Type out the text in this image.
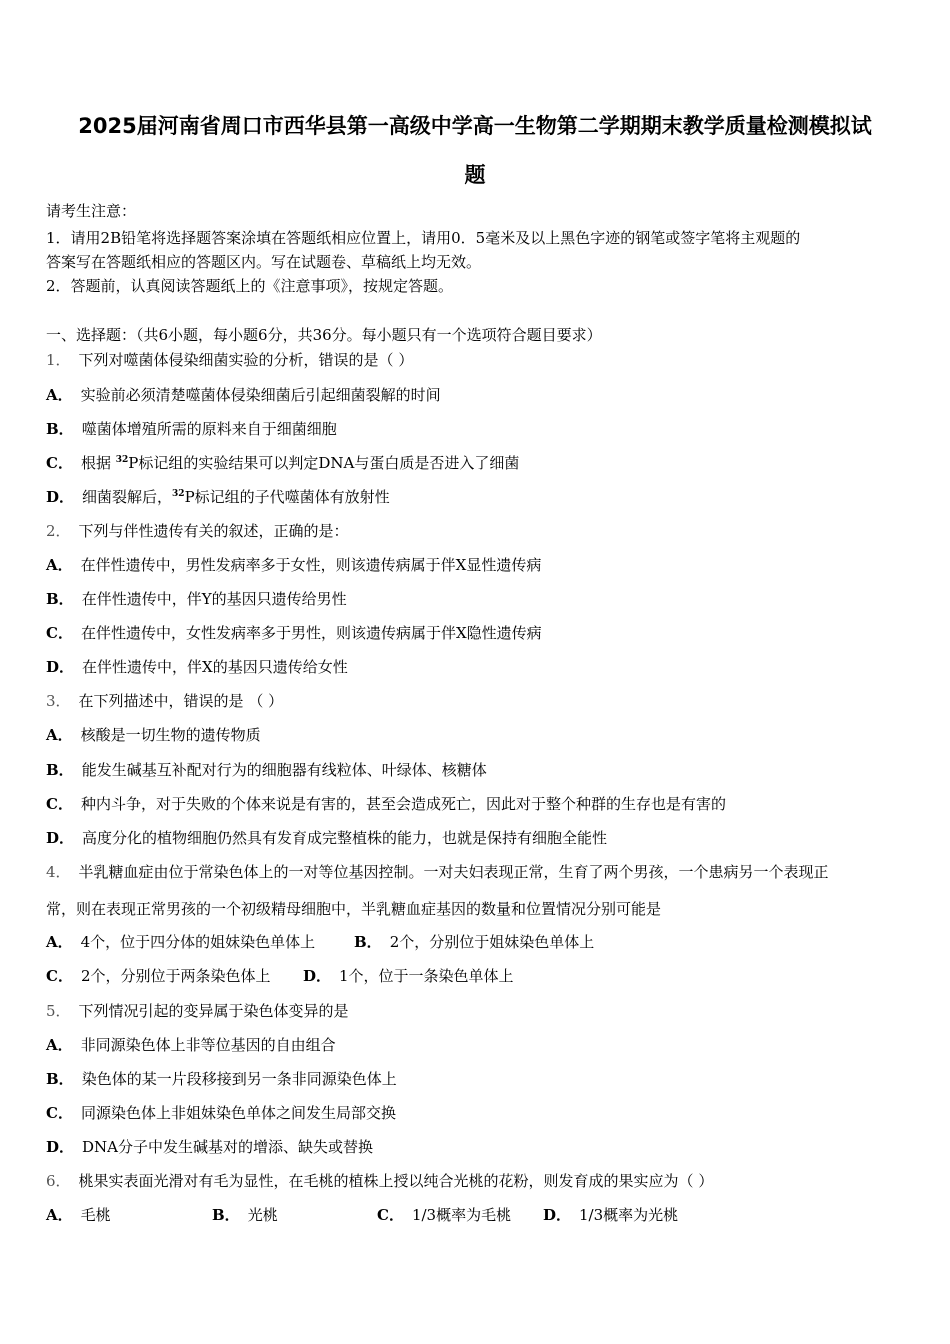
2025届河南省周口市西华县第一高级中学高一生物第二学期期末教学质量检测模拟试
题
请考生注意：
1．请用2B铅笔将选择题答案涂填在答题纸相应位置上，请用0．5毫米及以上黑色字迹的钢笔或签字笔将主观题的
答案写在答题纸相应的答题区内。写在试题卷、草稿纸上均无效。
2．答题前，认真阅读答题纸上的《注意事项》，按规定答题。
一、选择题：（共6小题，每小题6分，共36分。每小题只有一个选项符合题目要求）
1． 下列对噬菌体侵染细菌实验的分析，错误的是（ ）
A． 实验前必须清楚噬菌体侵染细菌后引起细菌裂解的时间
B． 噬菌体增殖所需的原料来自于细菌细胞
C． 根据 $^{32}$P标记组的实验结果可以判定DNA与蛋白质是否进入了细菌
D． 细菌裂解后，$^{32}$P标记组的子代噬菌体有放射性
2． 下列与伴性遗传有关的叙述，正确的是：
A． 在伴性遗传中，男性发病率多于女性，则该遗传病属于伴X显性遗传病
B． 在伴性遗传中，伴Y的基因只遗传给男性
C． 在伴性遗传中，女性发病率多于男性，则该遗传病属于伴X隐性遗传病
D． 在伴性遗传中，伴X的基因只遗传给女性
3． 在下列描述中，错误的是 （ ）
A． 核酸是一切生物的遗传物质
B． 能发生碱基互补配对行为的细胞器有线粒体、叶绿体、核糖体
C． 种内斗争，对于失败的个体来说是有害的，甚至会造成死亡，因此对于整个种群的生存也是有害的
D． 高度分化的植物细胞仍然具有发育成完整植株的能力，也就是保持有细胞全能性
4． 半乳糖血症由位于常染色体上的一对等位基因控制。一对夫妇表现正常，生育了两个男孩，一个患病另一个表现正
常，则在表现正常男孩的一个初级精母细胞中，半乳糖血症基因的数量和位置情况分别可能是
A． 4个，位于四分体的姐妹染色单体上	B． 2个，分别位于姐妹染色单体上
C． 2个，分别位于两条染色体上 D． 1个，位于一条染色单体上
5． 下列情况引起的变异属于染色体变异的是
A． 非同源染色体上非等位基因的自由组合
B． 染色体的某一片段移接到另一条非同源染色体上
C． 同源染色体上非姐妹染色单体之间发生局部交换
D． DNA分子中发生碱基对的增添、缺失或替换
6． 桃果实表面光滑对有毛为显性，在毛桃的植株上授以纯合光桃的花粉，则发育成的果实应为（ ）
A． 毛桃	B． 光桃	C． 1/3概率为毛桃 D． 1/3概率为光桃
